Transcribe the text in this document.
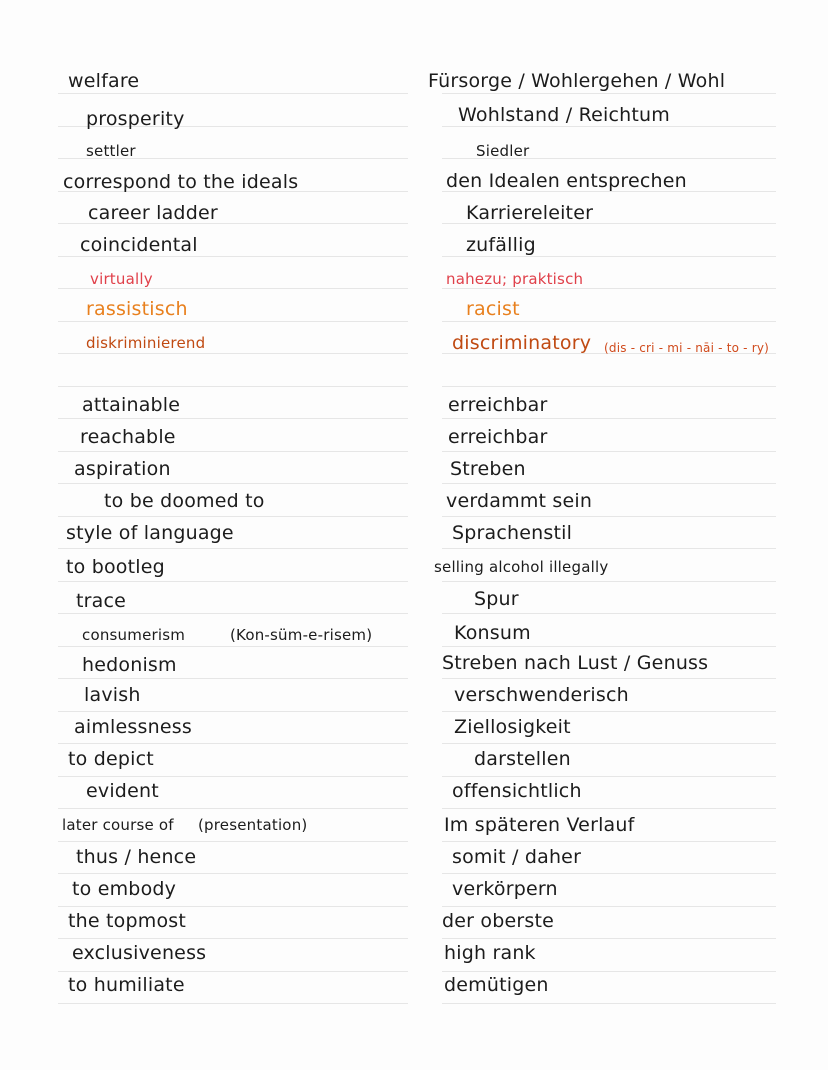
welfare
prosperity
settler
correspond to the ideals
career ladder
coincidental
virtually
rassistisch
diskriminierend
attainable
reachable
aspiration
to be doomed to
style of language
to bootleg
trace
consumerism	(Kon-süm-e-risem)
hedonism
lavish
aimlessness
to depict
evident
later course of (presentation)
thus / hence
to embody
the topmost
exclusiveness
to humiliate
Fürsorge / Wohlergehen / Wohl
Wohlstand / Reichtum
Siedler
den Idealen entsprechen
Karriereleiter
zufällig
nahezu; praktisch
racist
discriminatory (dis - cri - mi - nāi - to - ry)
erreichbar
erreichbar
Streben
verdammt sein
Sprachenstil
selling alcohol illegally
Spur
Konsum
Streben nach Lust / Genuss
verschwenderisch
Ziellosigkeit
darstellen
offensichtlich
Im späteren Verlauf
somit / daher
verkörpern
der oberste
high rank
demütigen
